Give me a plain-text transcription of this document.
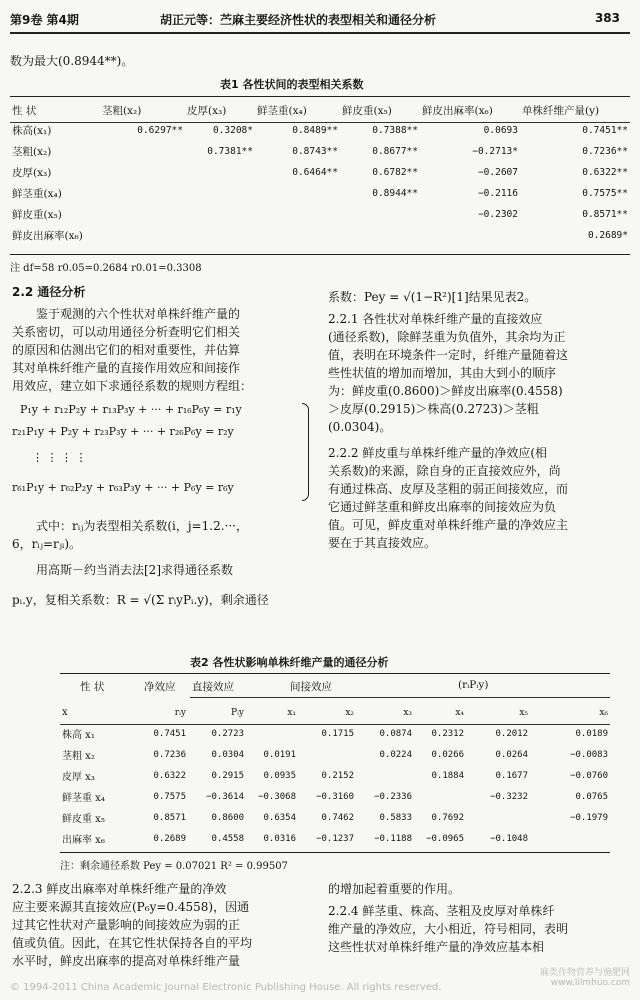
第9卷 第4期	胡正元等：苎麻主要经济性状的表型相关和通径分析	383
数为最大(0.8944**)。
表1 各性状间的表型相关系数
性 状	茎粗(x₂)	皮厚(x₃)	鲜茎重(x₄)	鲜皮重(x₅)	鲜皮出麻率(x₆)	单株纤维产量(y)
株高(x₁)	0.6297**	0.3208*	0.8489**	0.7388**	0.0693	0.7451**
茎粗(x₂)		0.7381**	0.8743**	0.8677**	−0.2713*	0.7236**
皮厚(x₃)			0.6464**	0.6782**	−0.2607	0.6322**
鲜茎重(x₄)				0.8944**	−0.2116	0.7575**
鲜皮重(x₅)					−0.2302	0.8571**
鲜皮出麻率(x₆)						0.2689*
注 df=58 r0.05=0.2684 r0.01=0.3308
2.2 通径分析
鉴于观测的六个性状对单株纤维产量的
关系密切，可以动用通径分析查明它们相关
的原因和估测出它们的相对重要性，并估算
其对单株纤维产量的直接作用效应和间接作
用效应，建立如下求通径系数的规则方程组：
P₁y + r₁₂P₂y + r₁₃P₃y + ··· + r₁₆P₆y = r₁y
r₂₁P₁y + P₂y + r₂₃P₃y + ··· + r₂₆P₆y = r₂y
⋮ ⋮ ⋮ ⋮
r₆₁P₁y + r₆₂P₂y + r₆₃P₃y + ··· + P₆y = r₆y
式中：rᵢⱼ为表型相关系数(i，j=1.2.···，
6，rᵢⱼ=rⱼᵢ)。
用高斯－约当消去法[2]求得通径系数
pᵢ.y，复相关系数：R = √(Σ rᵢyPᵢ.y)，剩余通径
系数：Pey = √(1−R²)[1]结果见表2。
2.2.1 各性状对单株纤维产量的直接效应
(通径系数)，除鲜茎重为负值外，其余均为正
值，表明在环境条件一定时，纤维产量随着这
些性状值的增加而增加，其由大到小的顺序
为：鲜皮重(0.8600)＞鲜皮出麻率(0.4558)
＞皮厚(0.2915)＞株高(0.2723)＞茎粗
(0.0304)。
2.2.2 鲜皮重与单株纤维产量的净效应(相
关系数)的来源，除自身的正直接效应外，尚
有通过株高、皮厚及茎粗的弱正间接效应，而
它通过鲜茎重和鲜皮出麻率的间接效应为负
值。可见，鲜皮重对单株纤维产量的净效应主
要在于其直接效应。
表2 各性状影响单株纤维产量的通径分析
性 状	净效应 直接效应	间接效应	(rᵢPᵢy)
x	rᵢy	Pᵢy	x₁	x₂	x₃	x₄	x₅	x₆
株高 x₁	0.7451	0.2723		0.1715	0.0874	0.2312	0.2012	0.0189
茎粗 x₂	0.7236	0.0304	0.0191		0.0224	0.0266	0.0264	−0.0083
皮厚 x₃	0.6322	0.2915	0.0935	0.2152		0.1884	0.1677	−0.0760
鲜茎重 x₄	0.7575	−0.3614	−0.3068	−0.3160	−0.2336		−0.3232	0.0765
鲜皮重 x₅	0.8571	0.8600	0.6354	0.7462	0.5833	0.7692		−0.1979
出麻率 x₆	0.2689	0.4558	0.0316	−0.1237	−0.1188	−0.0965	−0.1048	
注：剩余通径系数 Pey = 0.07021 R² = 0.99507
2.2.3 鲜皮出麻率对单株纤维产量的净效
应主要来源其直接效应(P₆y=0.4558)，因通
过其它性状对产量影响的间接效应为弱的正
值或负值。因此，在其它性状保持各自的平均
水平时，鲜皮出麻率的提高对单株纤维产量
的增加起着重要的作用。
2.2.4 鲜茎重、株高、茎粗及皮厚对单株纤
维产量的净效应，大小相近，符号相同，表明
这些性状对单株纤维产量的净效应基本相
© 1994-2011 China Academic Journal Electronic Publishing House. All rights reserved.
麻类作物营养与施肥网 www.lilmhuo.com
